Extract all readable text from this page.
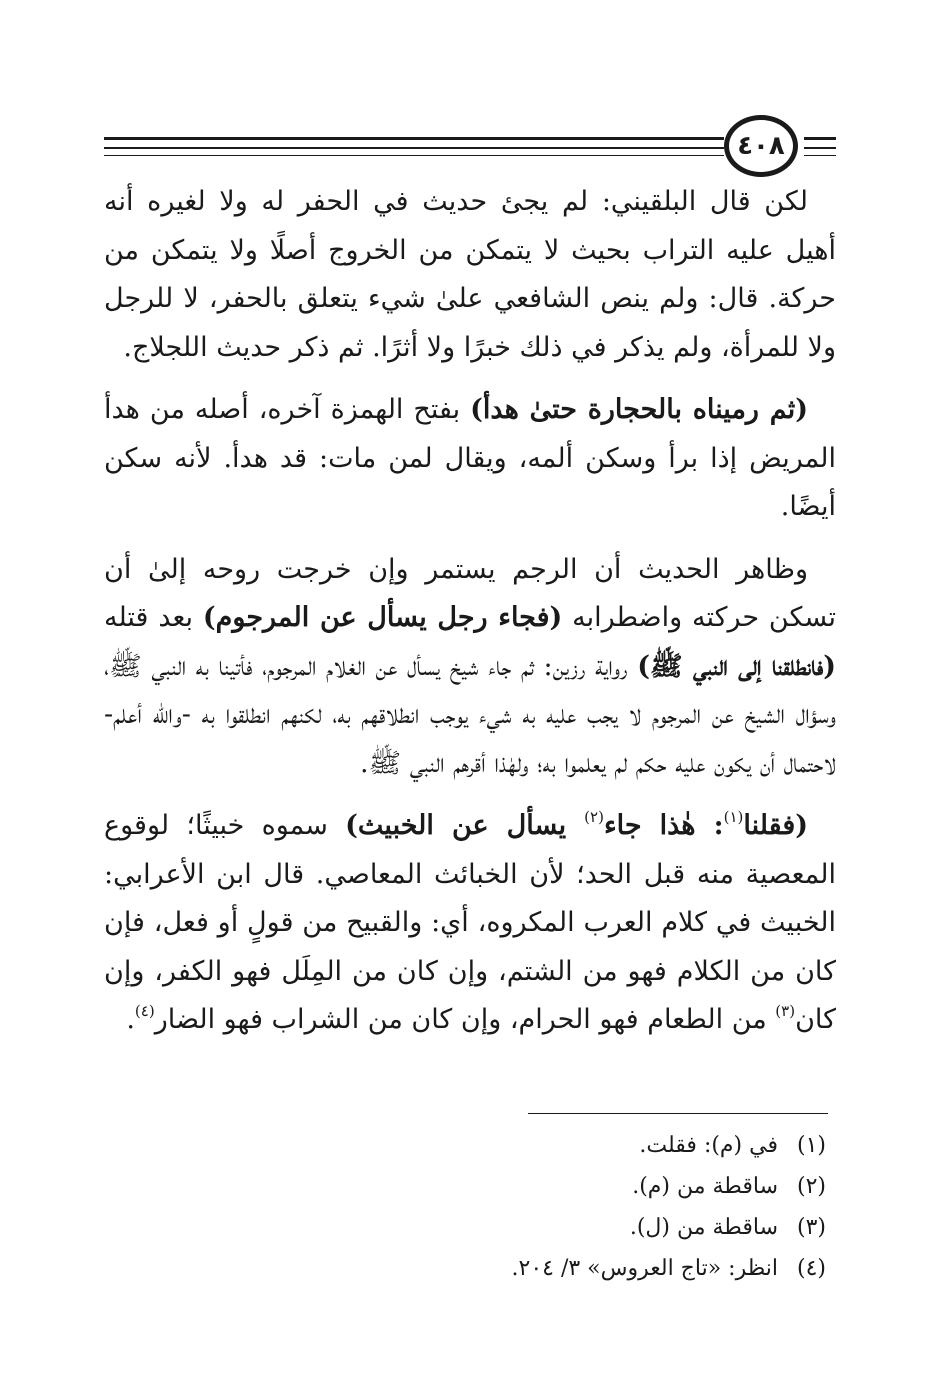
٤٠٨

لكن قال البلقيني: لم يجئ حديث في الحفر له ولا لغيره أنه أهيل عليه التراب بحيث لا يتمكن من الخروج أصلًا ولا يتمكن من حركة. قال: ولم ينص الشافعي علىٰ شيء يتعلق بالحفر، لا للرجل ولا للمرأة، ولم يذكر في ذلك خبرًا ولا أثرًا. ثم ذكر حديث اللجلاج.

(ثم رميناه بالحجارة حتىٰ هدأ) بفتح الهمزة آخره، أصله من هدأ المريض إذا برأ وسكن ألمه، ويقال لمن مات: قد هدأ. لأنه سكن أيضًا.

وظاهر الحديث أن الرجم يستمر وإن خرجت روحه إلىٰ أن تسكن حركته واضطرابه (فجاء رجل يسأل عن المرجوم) بعد قتله (فانطلقنا إلى النبي ﷺ) رواية رزين: ثم جاء شيخ يسأل عن الغلام المرجوم، فأتينا به النبي ﷺ، وسؤال الشيخ عن المرجوم لا يجب عليه به شيء يوجب انطلاقهم به، لكنهم انطلقوا به -والله أعلم- لاحتمال أن يكون عليه حكم لم يعلموا به؛ ولهٰذا أقرهم النبي ﷺ.

(فقلنا$^{(١)}$: هٰذا جاء$^{(٢)}$ يسأل عن الخبيث) سموه خبيثًا؛ لوقوع المعصية منه قبل الحد؛ لأن الخبائث المعاصي. قال ابن الأعرابي: الخبيث في كلام العرب المكروه، أي: والقبيح من قولٍ أو فعل، فإن كان من الكلام فهو من الشتم، وإن كان من المِلَل فهو الكفر، وإن كان$^{(٣)}$ من الطعام فهو الحرام، وإن كان من الشراب فهو الضار$^{(٤)}$.

(١)
في (م): فقلت.
(٢)
ساقطة من (م).
(٣)
ساقطة من (ل).
(٤)
انظر: «تاج العروس» ٣/ ٢٠٤.
